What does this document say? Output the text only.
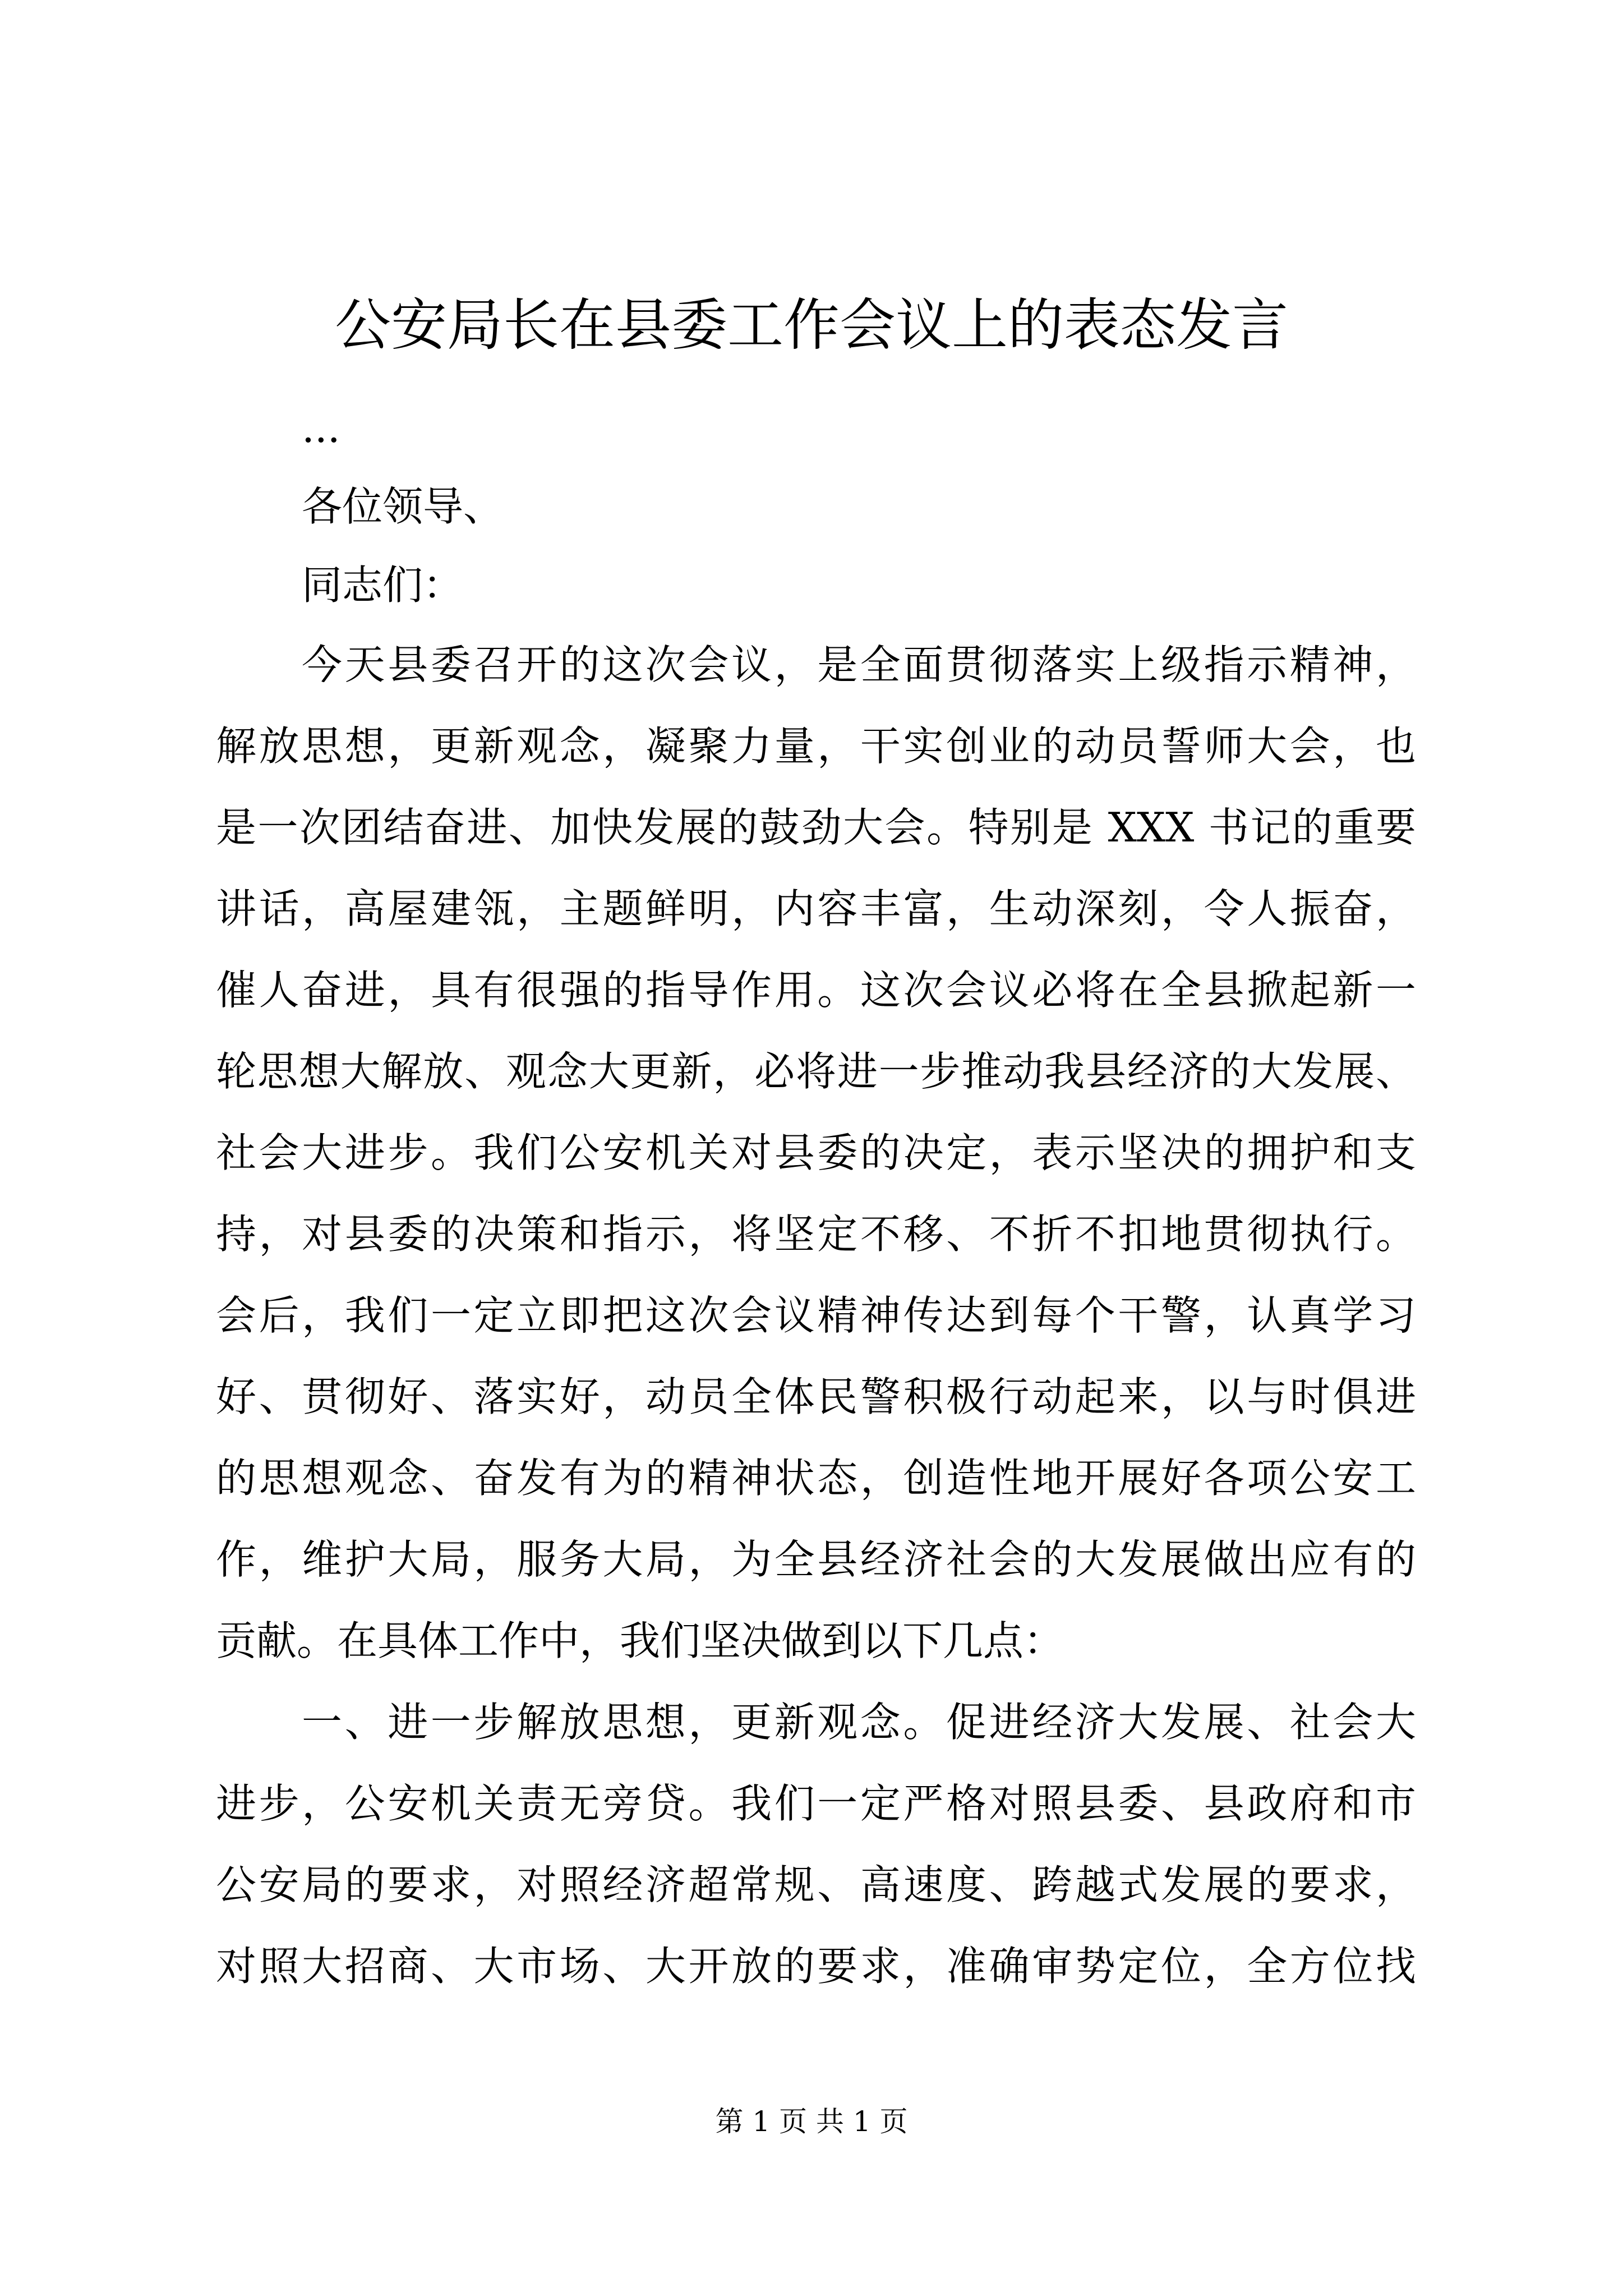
公安局长在县委工作会议上的表态发言

...

各位领导、

同志们：

今天县委召开的这次会议，是全面贯彻落实上级指示精神，

解放思想，更新观念，凝聚力量，干实创业的动员誓师大会，也

是一次团结奋进、加快发展的鼓劲大会。特别是 XXX 书记的重要

讲话，高屋建瓴，主题鲜明，内容丰富，生动深刻，令人振奋，

催人奋进，具有很强的指导作用。这次会议必将在全县掀起新一

轮思想大解放、观念大更新，必将进一步推动我县经济的大发展、

社会大进步。我们公安机关对县委的决定，表示坚决的拥护和支

持，对县委的决策和指示，将坚定不移、不折不扣地贯彻执行。

会后，我们一定立即把这次会议精神传达到每个干警，认真学习

好、贯彻好、落实好，动员全体民警积极行动起来，以与时俱进

的思想观念、奋发有为的精神状态，创造性地开展好各项公安工

作，维护大局，服务大局，为全县经济社会的大发展做出应有的

贡献。在具体工作中，我们坚决做到以下几点：

一、进一步解放思想，更新观念。促进经济大发展、社会大

进步，公安机关责无旁贷。我们一定严格对照县委、县政府和市

公安局的要求，对照经济超常规、高速度、跨越式发展的要求，

对照大招商、大市场、大开放的要求，准确审势定位，全方位找

第 1 页 共 1 页
